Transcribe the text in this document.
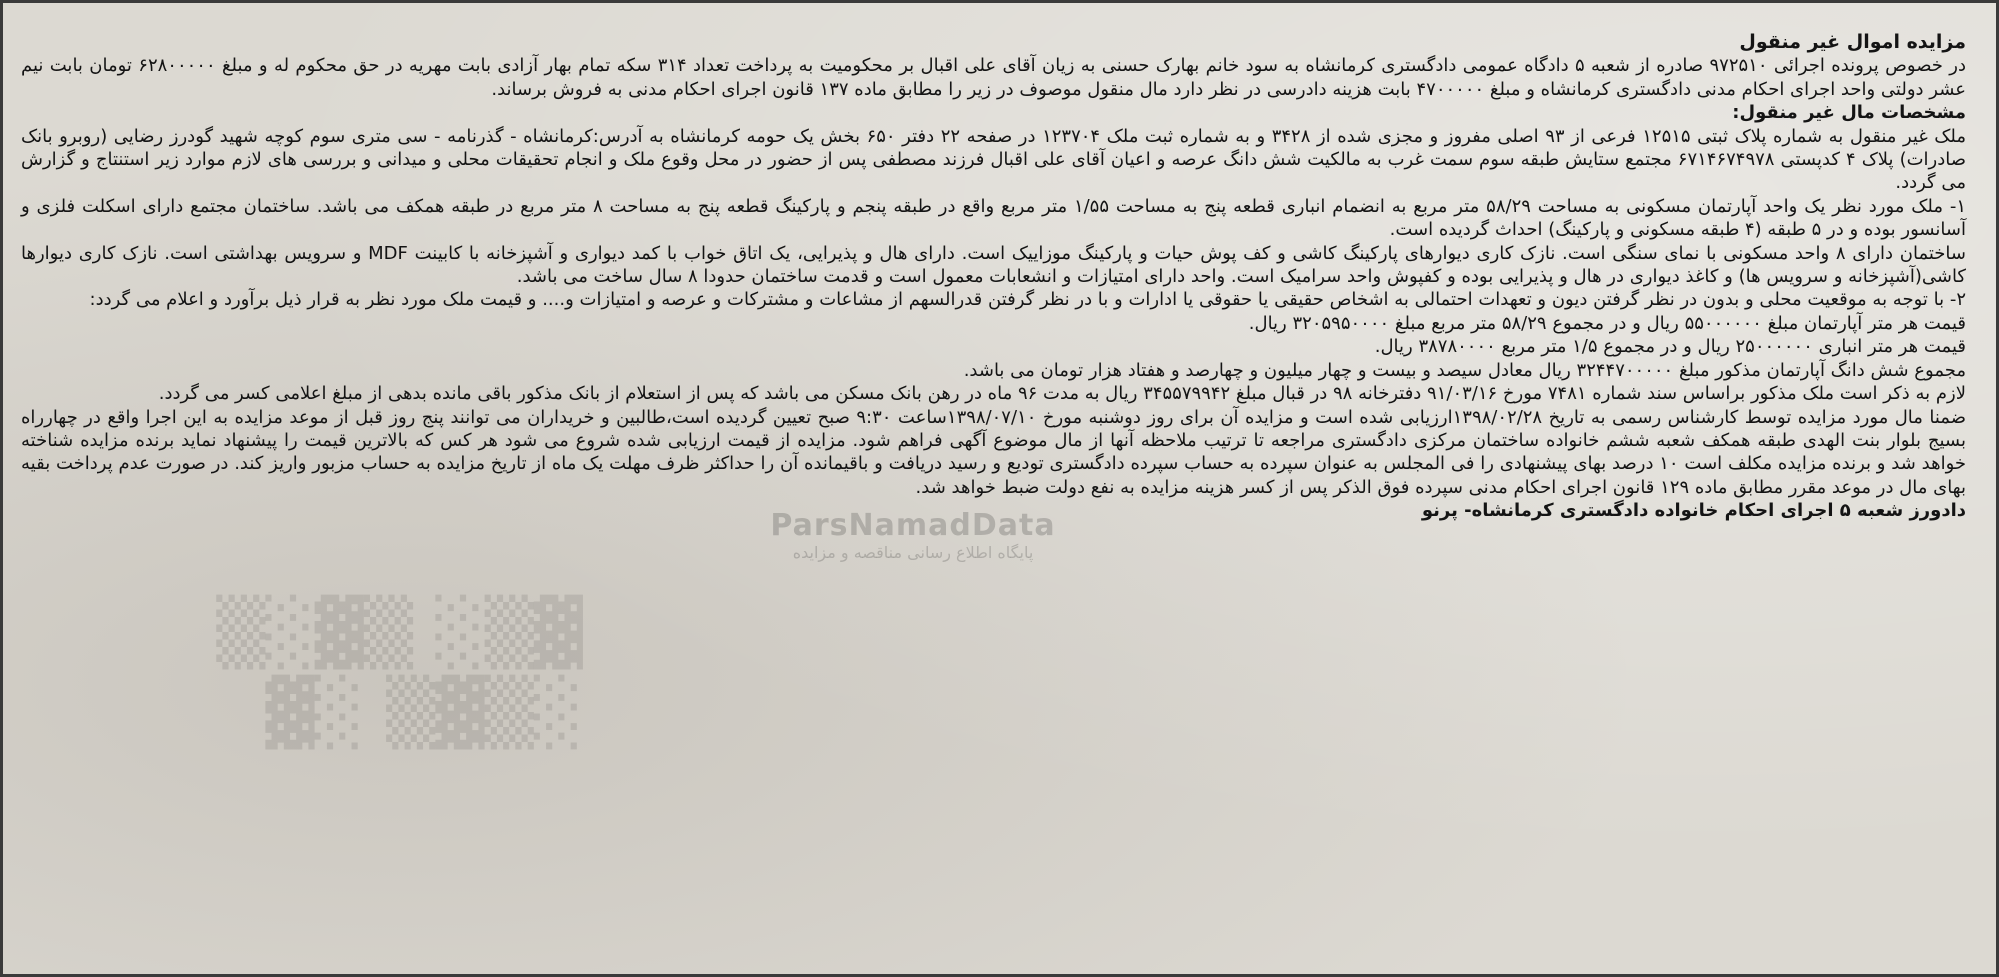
▓▒░ ▒▓░▒
░▒▓▒ ░▓
ParsNamadData
پایگاه اطلاع رسانی مناقصه و مزایده

مزایده اموال غیر منقول

در خصوص پرونده اجرائی ۹۷۲۵۱۰ صادره از شعبه ۵ دادگاه عمومی دادگستری کرمانشاه به سود خانم بهارک حسنی به زیان آقای علی اقبال بر محکومیت به پرداخت تعداد ۳۱۴ سکه تمام بهار آزادی بابت مهریه در حق محکوم له و مبلغ ۶۲۸۰۰۰۰۰ تومان بابت نیم عشر دولتی واحد اجرای احکام مدنی دادگستری کرمانشاه و مبلغ ۴۷۰۰۰۰۰ بابت هزینه دادرسی در نظر دارد مال منقول موصوف در زیر را مطابق ماده ۱۳۷ قانون اجرای احکام مدنی به فروش برساند.

مشخصات مال غیر منقول:

ملک غیر منقول به شماره پلاک ثبتی ۱۲۵۱۵ فرعی از ۹۳ اصلی مفروز و مجزی شده از ۳۴۲۸ و به شماره ثبت ملک ۱۲۳۷۰۴ در صفحه ۲۲ دفتر ۶۵۰ بخش یک حومه کرمانشاه به آدرس:کرمانشاه - گذرنامه - سی متری سوم کوچه شهید گودرز رضایی (روبرو بانک صادرات) پلاک ۴ کدپستی ۶۷۱۴۶۷۴۹۷۸ مجتمع ستایش طبقه سوم سمت غرب به مالکیت شش دانگ عرصه و اعیان آقای علی اقبال فرزند مصطفی پس از حضور در محل وقوع ملک و انجام تحقیقات محلی و میدانی و بررسی های لازم موارد زیر استنتاج و گزارش می گردد.

۱- ملک مورد نظر یک واحد آپارتمان مسکونی به مساحت ۵۸/۲۹ متر مربع به انضمام انباری قطعه پنج به مساحت ۱/۵۵ متر مربع واقع در طبقه پنجم و پارکینگ قطعه پنج به مساحت ۸ متر مربع در طبقه همکف می باشد. ساختمان مجتمع دارای اسکلت فلزی و آسانسور بوده و در ۵ طبقه (۴ طبقه مسکونی و پارکینگ) احداث گردیده است.

ساختمان دارای ۸ واحد مسکونی با نمای سنگی است. نازک کاری دیوارهای پارکینگ کاشی و کف پوش حیات و پارکینگ موزاییک است. دارای هال و پذیرایی، یک اتاق خواب با کمد دیواری و آشپزخانه با کابینت MDF و سرویس بهداشتی است. نازک کاری دیوارها کاشی(آشپزخانه و سرویس ها) و کاغذ دیواری در هال و پذیرایی بوده و کفپوش واحد سرامیک است. واحد دارای امتیازات و انشعابات معمول است و قدمت ساختمان حدودا ۸ سال ساخت می باشد.

۲- با توجه به موقعیت محلی و بدون در نظر گرفتن دیون و تعهدات احتمالی به اشخاص حقیقی یا حقوقی یا ادارات و با در نظر گرفتن قدرالسهم از مشاعات و مشترکات و عرصه و امتیازات و.... و قیمت ملک مورد نظر به قرار ذیل برآورد و اعلام می گردد:

قیمت هر متر آپارتمان مبلغ ۵۵۰۰۰۰۰۰ ریال و در مجموع ۵۸/۲۹ متر مربع مبلغ ۳۲۰۵۹۵۰۰۰۰ ریال.

قیمت هر متر انباری ۲۵۰۰۰۰۰۰ ریال و در مجموع ۱/۵ متر مربع ۳۸۷۸۰۰۰۰ ریال.

مجموع شش دانگ آپارتمان مذکور مبلغ ۳۲۴۴۷۰۰۰۰۰ ریال معادل سیصد و بیست و چهار میلیون و چهارصد و هفتاد هزار تومان می باشد.

لازم به ذکر است ملک مذکور براساس سند شماره ۷۴۸۱ مورخ ۹۱/۰۳/۱۶ دفترخانه ۹۸ در قبال مبلغ ۳۴۵۵۷۹۹۴۲ ریال به مدت ۹۶ ماه در رهن بانک مسکن می باشد که پس از استعلام از بانک مذکور باقی مانده بدهی از مبلغ اعلامی کسر می گردد.

ضمنا مال مورد مزایده توسط کارشناس رسمی به تاریخ ۱۳۹۸/۰۲/۲۸ارزیابی شده است و مزایده آن برای روز دوشنبه مورخ ۱۳۹۸/۰۷/۱۰ساعت ۹:۳۰ صبح تعیین گردیده است،طالبین و خریداران می توانند پنج روز قبل از موعد مزایده به این اجرا واقع در چهارراه بسیج بلوار بنت الهدی طبقه همکف شعبه ششم خانواده ساختمان مرکزی دادگستری مراجعه تا ترتیب ملاحظه آنها از مال موضوع آگهی فراهم شود. مزایده از قیمت ارزیابی شده شروع می شود هر کس که بالاترین قیمت را پیشنهاد نماید برنده مزایده شناخته خواهد شد و برنده مزایده مکلف است ۱۰ درصد بهای پیشنهادی را فی المجلس به عنوان سپرده به حساب سپرده دادگستری تودیع و رسید دریافت و باقیمانده آن را حداکثر ظرف مهلت یک ماه از تاریخ مزایده به حساب مزبور واریز کند. در صورت عدم پرداخت بقیه بهای مال در موعد مقرر مطابق ماده ۱۲۹ قانون اجرای احکام مدنی سپرده فوق الذکر پس از کسر هزینه مزایده به نفع دولت ضبط خواهد شد.

دادورز شعبه ۵ اجرای احکام خانواده دادگستری کرمانشاه- پرنو
